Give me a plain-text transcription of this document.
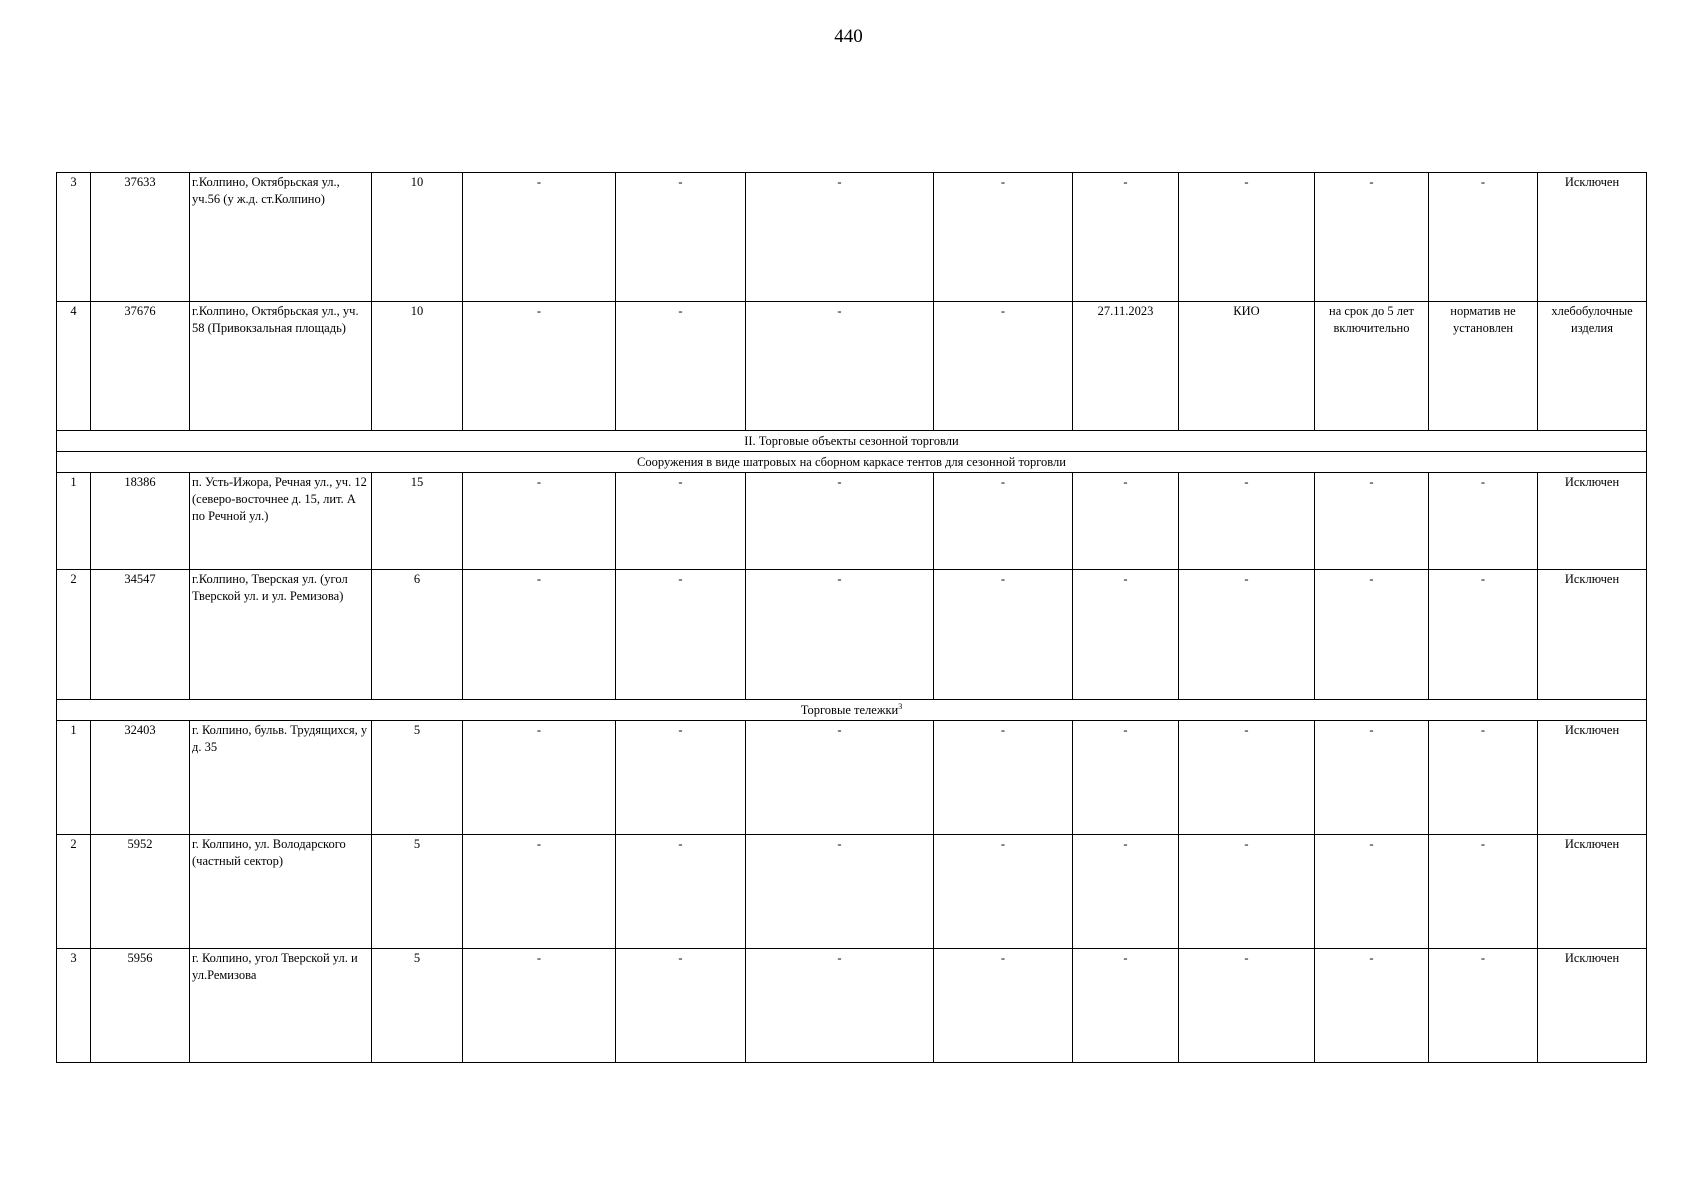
440
3	37633	г.Колпино, Октябрьская ул., уч.56 (у ж.д. ст.Колпино)	10	-	-	-	-	-	-	-	-	Исключен
4	37676	г.Колпино, Октябрьская ул., уч. 58 (Привокзальная площадь)	10	-	-	-	-	27.11.2023	КИО	на срок до 5 лет включительно	норматив не установлен	хлебобулочные изделия
II. Торговые объекты сезонной торговли												
Сооружения в виде шатровых на сборном каркасе тентов для сезонной торговли												
1	18386	п. Усть-Ижора, Речная ул., уч. 12 (северо-восточнее д. 15, лит. А по Речной ул.)	15	-	-	-	-	-	-	-	-	Исключен
2	34547	г.Колпино, Тверская ул. (угол Тверской ул. и ул. Ремизова)	6	-	-	-	-	-	-	-	-	Исключен
Торговые тележки$^3$
1	32403	г. Колпино, бульв. Трудящихся, у д. 35	5	-	-	-	-	-	-	-	-	Исключен
2	5952	г. Колпино, ул. Володарского (частный сектор)	5	-	-	-	-	-	-	-	-	Исключен
3	5956	г. Колпино, угол Тверской ул. и ул.Ремизова	5	-	-	-	-	-	-	-	-	Исключен
